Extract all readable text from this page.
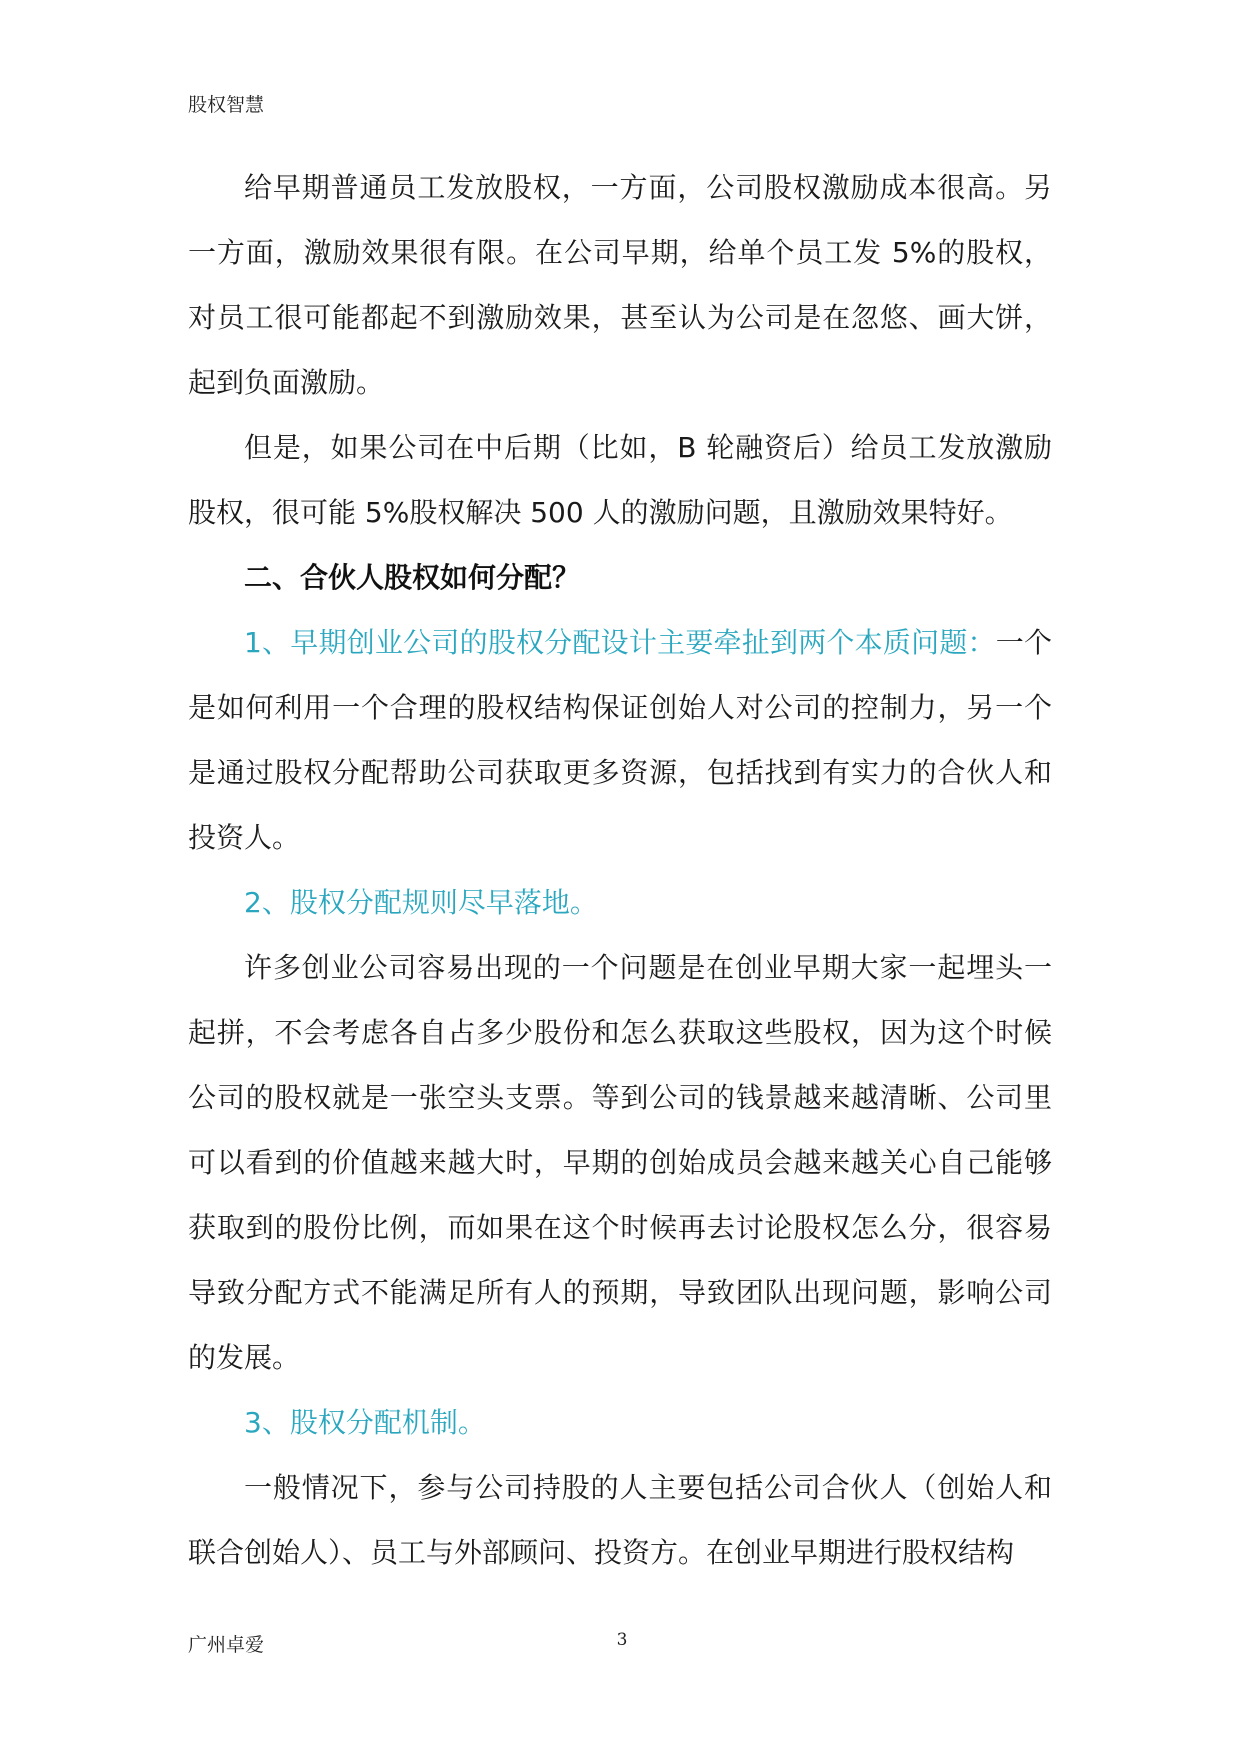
股权智慧

给早期普通员工发放股权，一方面，公司股权激励成本很高。另一方面，激励效果很有限。在公司早期，给单个员工发 5%的股权，对员工很可能都起不到激励效果，甚至认为公司是在忽悠、画大饼，起到负面激励。

但是，如果公司在中后期（比如，B 轮融资后）给员工发放激励股权，很可能 5%股权解决 500 人的激励问题，且激励效果特好。

二、合伙人股权如何分配？

1、早期创业公司的股权分配设计主要牵扯到两个本质问题：一个是如何利用一个合理的股权结构保证创始人对公司的控制力，另一个是通过股权分配帮助公司获取更多资源，包括找到有实力的合伙人和投资人。

2、股权分配规则尽早落地。

许多创业公司容易出现的一个问题是在创业早期大家一起埋头一起拼，不会考虑各自占多少股份和怎么获取这些股权，因为这个时候公司的股权就是一张空头支票。等到公司的钱景越来越清晰、公司里可以看到的价值越来越大时，早期的创始成员会越来越关心自己能够获取到的股份比例，而如果在这个时候再去讨论股权怎么分，很容易导致分配方式不能满足所有人的预期，导致团队出现问题，影响公司的发展。

3、股权分配机制。

一般情况下，参与公司持股的人主要包括公司合伙人（创始人和联合创始人）、员工与外部顾问、投资方。在创业早期进行股权结构

广州卓爱	3
